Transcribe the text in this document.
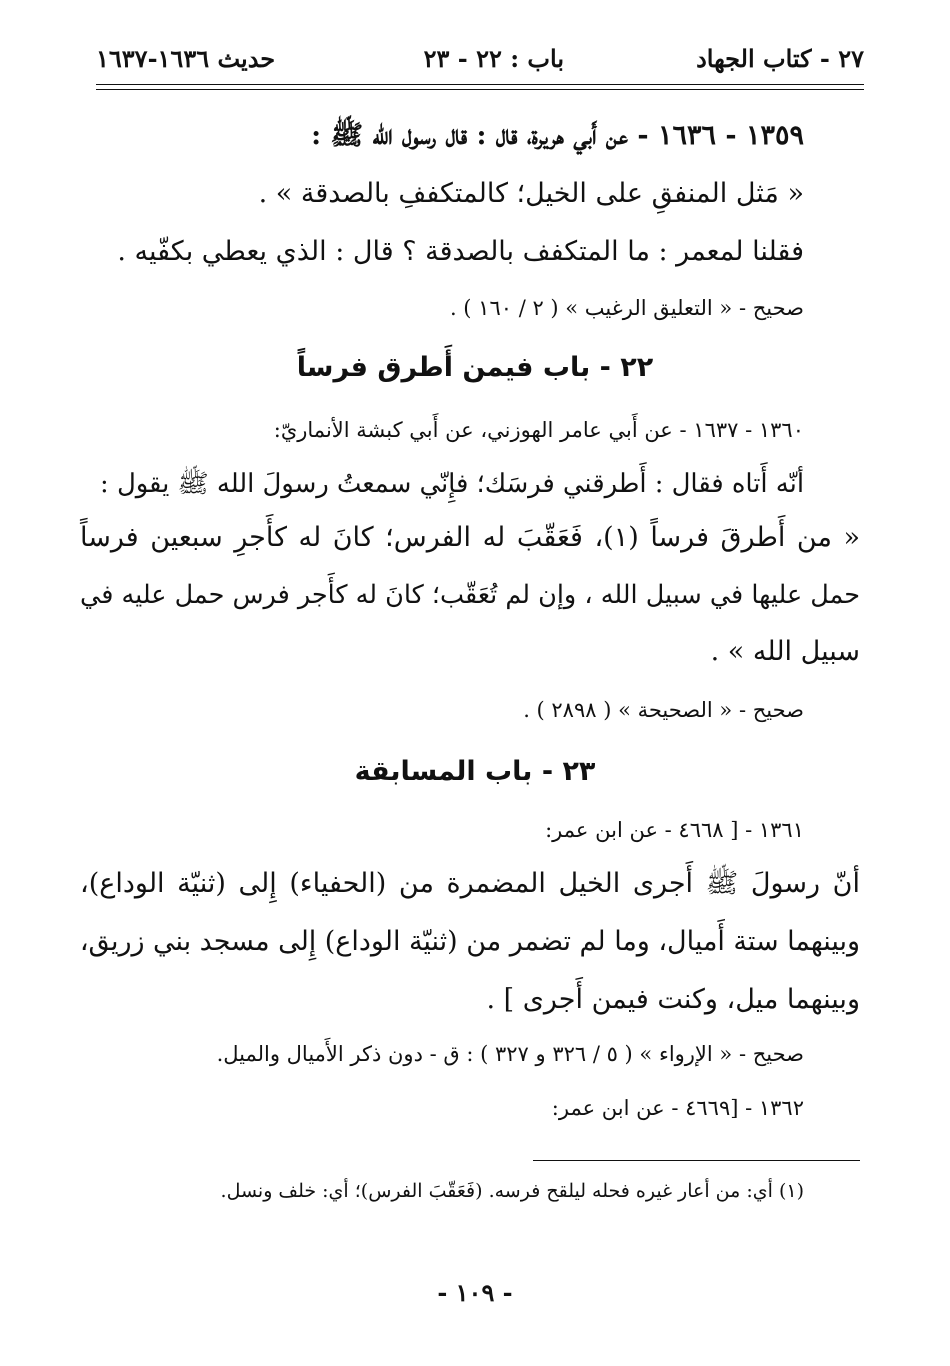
٢٧ - كتاب الجهاد
باب : ٢٢ - ٢٣
حديث ١٦٣٦-١٦٣٧
١٣٥٩ - ١٦٣٦ - عن أَبي هريرة، قال : قال رسول الله ﷺ :
« مَثل المنفقِ على الخيل؛ كالمتكففِ بالصدقة » .
فقلنا لمعمر : ما المتكفف بالصدقة ؟ قال : الذي يعطي بكفّيه .
صحيح - « التعليق الرغيب » ( ٢ / ١٦٠ ) .
٢٢ - باب فيمن أَطرق فرساً
١٣٦٠ - ١٦٣٧ - عن أَبي عامر الهوزني، عن أَبي كبشة الأنماريّ:
أنّه أَتاه فقال : أَطرقني فرسَك؛ فإِنّي سمعتُ رسولَ الله ﷺ يقول :
« من أَطرقَ فرساً (١)، فَعَقّبَ له الفرس؛ كانَ له كأَجرِ سبعين فرساً
حمل عليها في سبيل الله ، وإن لم تُعَقّب؛ كانَ له كأَجر فرس حمل عليه في
سبيل الله » .
صحيح - « الصحيحة » ( ٢٨٩٨ ) .
٢٣ - باب المسابقة
١٣٦١ - [ ٤٦٦٨ - عن ابن عمر:
أنّ رسولَ ﷺ أَجرى الخيل المضمرة من (الحفياء) إِلى (ثنيّة الوداع)،
وبينهما ستة أَميال، وما لم تضمر من (ثنيّة الوداع) إِلى مسجد بني زريق،
وبينهما ميل، وكنت فيمن أَجرى ] .
صحيح - « الإرواء » ( ٥ / ٣٢٦ و ٣٢٧ ) : ق - دون ذكر الأَميال والميل.
١٣٦٢ - [٤٦٦٩ - عن ابن عمر:
(١) أي: من أعار غيره فحله ليلقح فرسه. (فَعَقّبَ الفرس)؛ أي: خلف ونسل.
- ١٠٩ -
